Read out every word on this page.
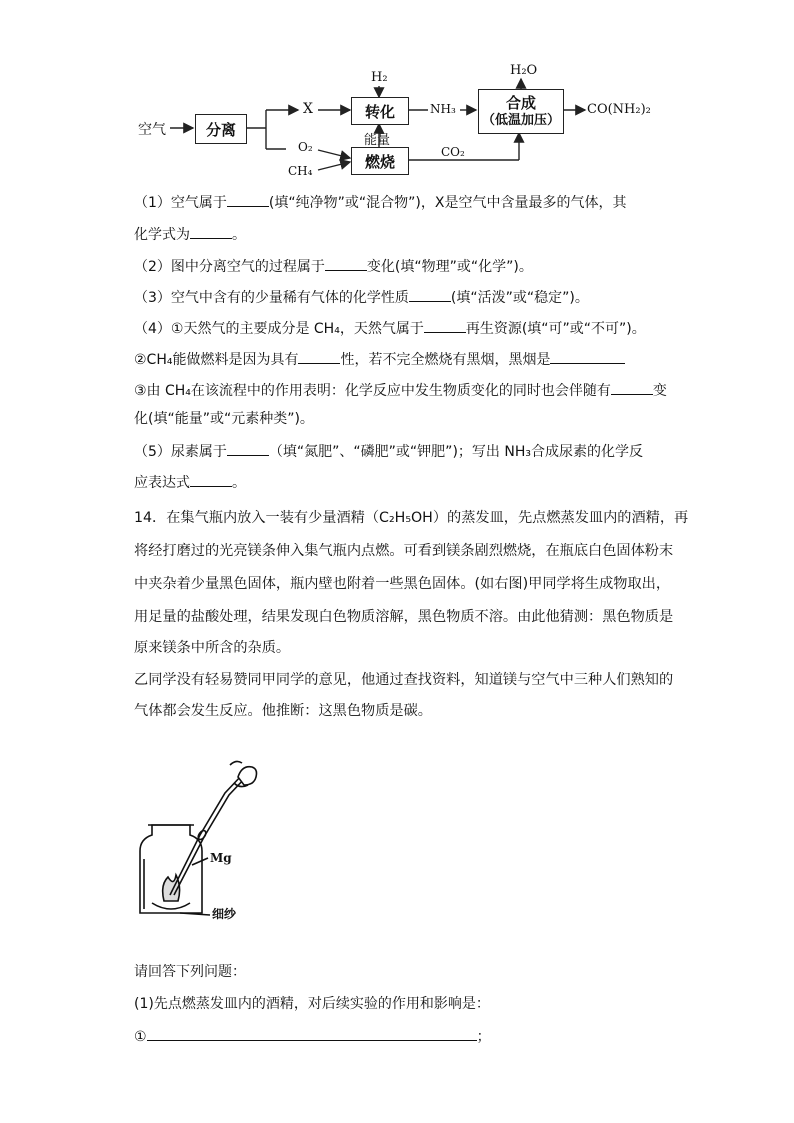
空气	分离
转化
燃烧
合成
（低温加压）
H₂	H₂O
X	NH₃	CO(NH₂)₂
O₂
CH₄
能量
CO₂
（1）空气属于	(填“纯净物”或“混合物”)，X是空气中含量最多的气体，其
化学式为	。
（2）图中分离空气的过程属于	变化(填“物理”或“化学”)。
（3）空气中含有的少量稀有气体的化学性质	(填“活泼”或“稳定”)。
（4）①天然气的主要成分是 CH₄，天然气属于	再生资源(填“可”或“不可”)。
②CH₄能做燃料是因为具有	性，若不完全燃烧有黑烟，黑烟是
③由 CH₄在该流程中的作用表明：化学反应中发生物质变化的同时也会伴随有	变
化(填“能量”或“元素种类”)。
（5）尿素属于	（填“氮肥”、“磷肥”或“钾肥”)；写出 NH₃合成尿素的化学反
应表达式	。
14．在集气瓶内放入一装有少量酒精（C₂H₅OH）的蒸发皿，先点燃蒸发皿内的酒精，再
将经打磨过的光亮镁条伸入集气瓶内点燃。可看到镁条剧烈燃烧，在瓶底白色固体粉末
中夹杂着少量黑色固体，瓶内壁也附着一些黑色固体。(如右图)甲同学将生成物取出，
用足量的盐酸处理，结果发现白色物质溶解，黑色物质不溶。由此他猜测：黑色物质是
原来镁条中所含的杂质。
乙同学没有轻易赞同甲同学的意见，他通过查找资料，知道镁与空气中三种人们熟知的
气体都会发生反应。他推断：这黑色物质是碳。
Mg
细纱
请回答下列问题：
(1)先点燃蒸发皿内的酒精，对后续实验的作用和影响是：
①	；
